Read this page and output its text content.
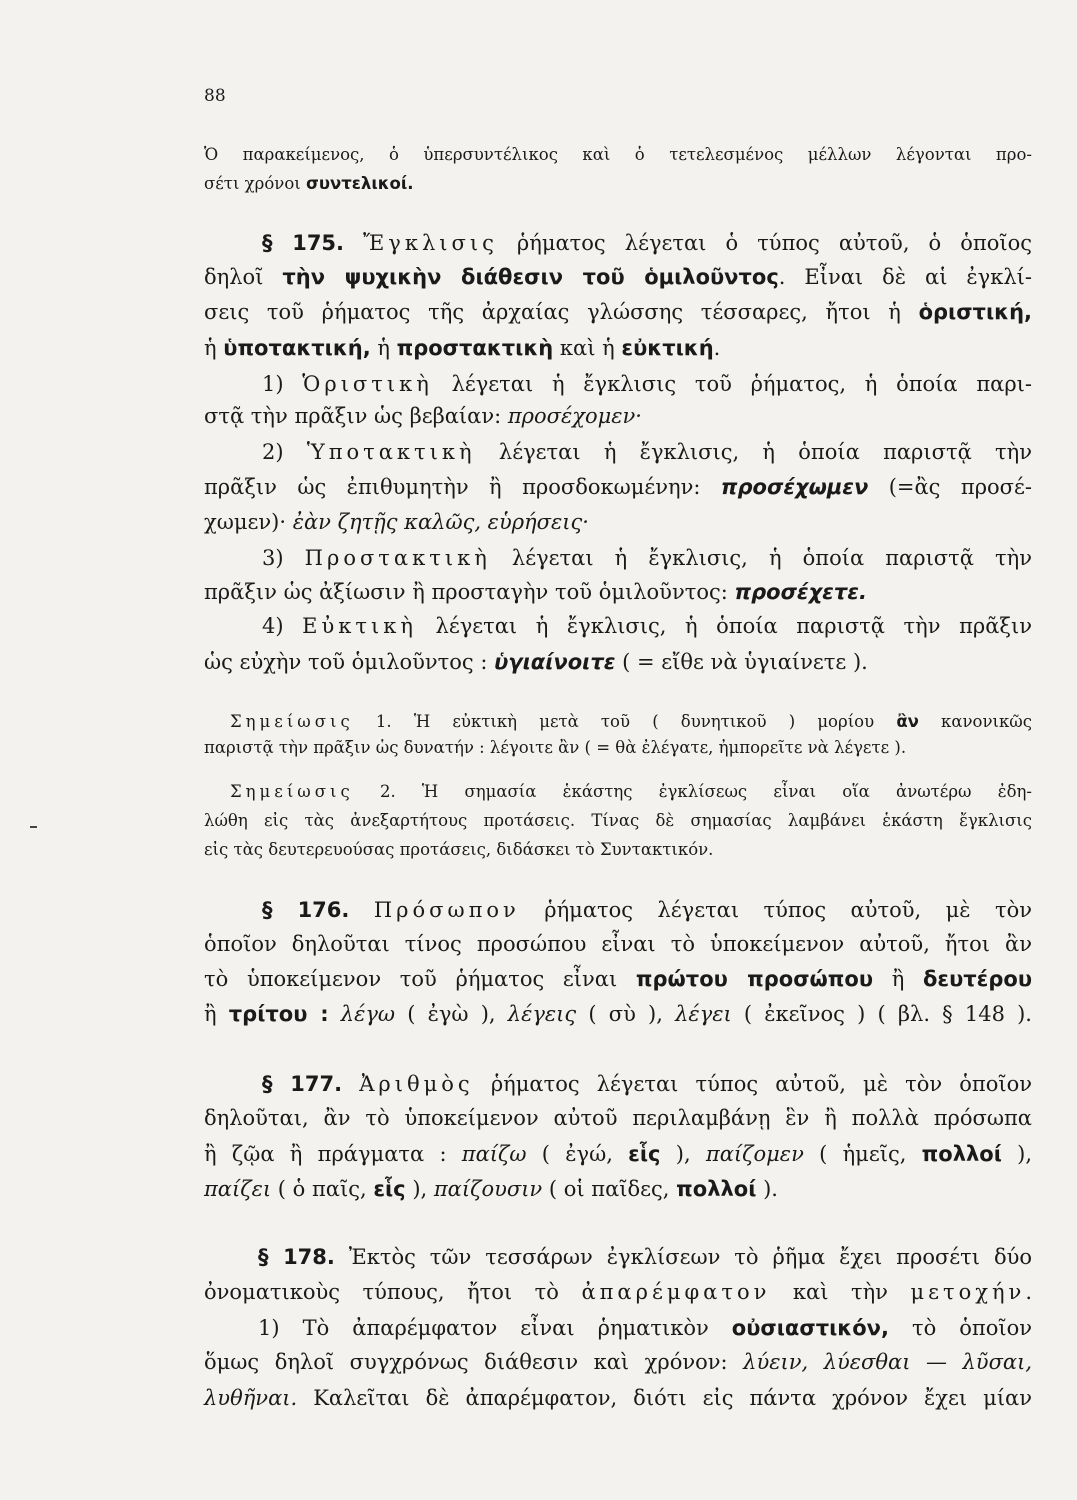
88
Ὁ παρακείμενος, ὁ ὑπερσυντέλικος καὶ ὁ τετελεσμένος μέλλων λέγονται προ-
σέτι χρόνοι συντελικοί.
§ 175. Ἔγκλισις ῥήματος λέγεται ὁ τύπος αὐτοῦ, ὁ ὁποῖος
δηλοῖ τὴν ψυχικὴν διάθεσιν τοῦ ὁμιλοῦντος. Εἶναι δὲ αἱ ἐγκλί-
σεις τοῦ ῥήματος τῆς ἀρχαίας γλώσσης τέσσαρες, ἤτοι ἡ ὁριστική,
ἡ ὑποτακτική, ἡ προστακτικὴ καὶ ἡ εὐκτική.
1) Ὁριστικὴ λέγεται ἡ ἔγκλισις τοῦ ῥήματος, ἡ ὁποία παρι-
στᾷ τὴν πρᾶξιν ὡς βεβαίαν: προσέχομεν·
2) Ὑποτακτικὴ λέγεται ἡ ἔγκλισις, ἡ ὁποία παριστᾷ τὴν
πρᾶξιν ὡς ἐπιθυμητὴν ἢ προσδοκωμένην: προσέχωμεν (=ἂς προσέ-
χωμεν)· ἐὰν ζητῇς καλῶς, εὑρήσεις·
3) Προστακτικὴ λέγεται ἡ ἔγκλισις, ἡ ὁποία παριστᾷ τὴν
πρᾶξιν ὡς ἀξίωσιν ἢ προσταγὴν τοῦ ὁμιλοῦντος: προσέχετε.
4) Εὐκτικὴ λέγεται ἡ ἔγκλισις, ἡ ὁποία παριστᾷ τὴν πρᾶξιν
ὡς εὐχὴν τοῦ ὁμιλοῦντος : ὑγιαίνοιτε ( = εἴθε νὰ ὑγιαίνετε ).
Σημείωσις 1. Ἡ εὐκτικὴ μετὰ τοῦ ( δυνητικοῦ ) μορίου ἂν κανονικῶς
παριστᾷ τὴν πρᾶξιν ὡς δυνατήν : λέγοιτε ἂν ( = θὰ ἐλέγατε, ἠμπορεῖτε νὰ λέγετε ).
Σημείωσις 2. Ἡ σημασία ἑκάστης ἐγκλίσεως εἶναι οἵα ἀνωτέρω ἐδη-
λώθη εἰς τὰς ἀνεξαρτήτους προτάσεις. Τίνας δὲ σημασίας λαμβάνει ἑκάστη ἔγκλισις
εἰς τὰς δευτερευούσας προτάσεις, διδάσκει τὸ Συντακτικόν.
§ 176. Πρόσωπον ῥήματος λέγεται τύπος αὐτοῦ, μὲ τὸν
ὁποῖον δηλοῦται τίνος προσώπου εἶναι τὸ ὑποκείμενον αὐτοῦ, ἤτοι ἂν
τὸ ὑποκείμενον τοῦ ῥήματος εἶναι πρώτου προσώπου ἢ δευτέρου
ἢ τρίτου : λέγω ( ἐγὼ ), λέγεις ( σὺ ), λέγει ( ἐκεῖνος ) ( βλ. § 148 ).
§ 177. Ἀριθμὸς ῥήματος λέγεται τύπος αὐτοῦ, μὲ τὸν ὁποῖον
δηλοῦται, ἂν τὸ ὑποκείμενον αὐτοῦ περιλαμβάνῃ ἓν ἢ πολλὰ πρόσωπα
ἢ ζῷα ἢ πράγματα : παίζω ( ἐγώ, εἷς ), παίζομεν ( ἡμεῖς, πολλοί ),
παίζει ( ὁ παῖς, εἷς ), παίζουσιν ( οἱ παῖδες, πολλοί ).
§ 178. Ἐκτὸς τῶν τεσσάρων ἐγκλίσεων τὸ ῥῆμα ἔχει προσέτι δύο
ὀνοματικοὺς τύπους, ἤτοι τὸ ἀπαρέμφατον καὶ τὴν μετοχήν.
1) Τὸ ἀπαρέμφατον εἶναι ῥηματικὸν οὐσιαστικόν, τὸ ὁποῖον
ὅμως δηλοῖ συγχρόνως διάθεσιν καὶ χρόνον: λύειν, λύεσθαι — λῦσαι,
λυθῆναι. Καλεῖται δὲ ἀπαρέμφατον, διότι εἰς πάντα χρόνον ἔχει μίαν
